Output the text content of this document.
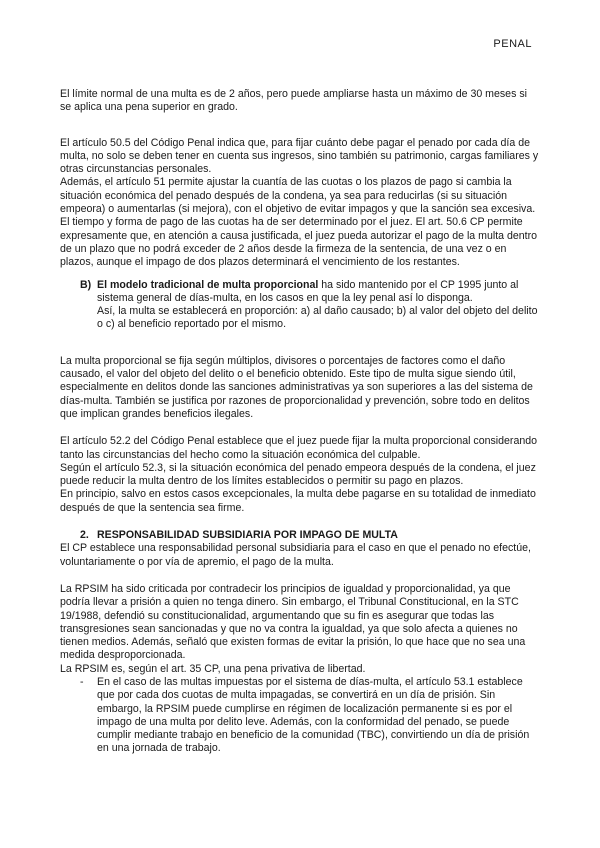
PENAL

El límite normal de una multa es de 2 años, pero puede ampliarse hasta un máximo de 30 meses si se aplica una pena superior en grado.

El artículo 50.5 del Código Penal indica que, para fijar cuánto debe pagar el penado por cada día de multa, no solo se deben tener en cuenta sus ingresos, sino también su patrimonio, cargas familiares y otras circunstancias personales.

Además, el artículo 51 permite ajustar la cuantía de las cuotas o los plazos de pago si cambia la situación económica del penado después de la condena, ya sea para reducirlas (si su situación empeora) o aumentarlas (si mejora), con el objetivo de evitar impagos y que la sanción sea excesiva.

El tiempo y forma de pago de las cuotas ha de ser determinado por el juez. El art. 50.6 CP permite expresamente que, en atención a causa justificada, el juez pueda autorizar el pago de la multa dentro de un plazo que no podrá exceder de 2 años desde la firmeza de la sentencia, de una vez o en plazos, aunque el impago de dos plazos determinará el vencimiento de los restantes.

B) El modelo tradicional de multa proporcional ha sido mantenido por el CP 1995 junto al sistema general de días-multa, en los casos en que la ley penal así lo disponga.

Así, la multa se establecerá en proporción: a) al daño causado; b) al valor del objeto del delito o c) al beneficio reportado por el mismo.

La multa proporcional se fija según múltiplos, divisores o porcentajes de factores como el daño causado, el valor del objeto del delito o el beneficio obtenido. Este tipo de multa sigue siendo útil, especialmente en delitos donde las sanciones administrativas ya son superiores a las del sistema de días-multa. También se justifica por razones de proporcionalidad y prevención, sobre todo en delitos que implican grandes beneficios ilegales.

El artículo 52.2 del Código Penal establece que el juez puede fijar la multa proporcional considerando tanto las circunstancias del hecho como la situación económica del culpable.

Según el artículo 52.3, si la situación económica del penado empeora después de la condena, el juez puede reducir la multa dentro de los límites establecidos o permitir su pago en plazos.

En principio, salvo en estos casos excepcionales, la multa debe pagarse en su totalidad de inmediato después de que la sentencia sea firme.

2. RESPONSABILIDAD SUBSIDIARIA POR IMPAGO DE MULTA

El CP establece una responsabilidad personal subsidiaria para el caso en que el penado no efectúe, voluntariamente o por vía de apremio, el pago de la multa.

La RPSIM ha sido criticada por contradecir los principios de igualdad y proporcionalidad, ya que podría llevar a prisión a quien no tenga dinero. Sin embargo, el Tribunal Constitucional, en la STC 19/1988, defendió su constitucionalidad, argumentando que su fin es asegurar que todas las transgresiones sean sancionadas y que no va contra la igualdad, ya que solo afecta a quienes no tienen medios. Además, señaló que existen formas de evitar la prisión, lo que hace que no sea una medida desproporcionada.

La RPSIM es, según el art. 35 CP, una pena privativa de libertad.

- En el caso de las multas impuestas por el sistema de días-multa, el artículo 53.1 establece que por cada dos cuotas de multa impagadas, se convertirá en un día de prisión. Sin embargo, la RPSIM puede cumplirse en régimen de localización permanente si es por el impago de una multa por delito leve. Además, con la conformidad del penado, se puede cumplir mediante trabajo en beneficio de la comunidad (TBC), convirtiendo un día de prisión en una jornada de trabajo.
